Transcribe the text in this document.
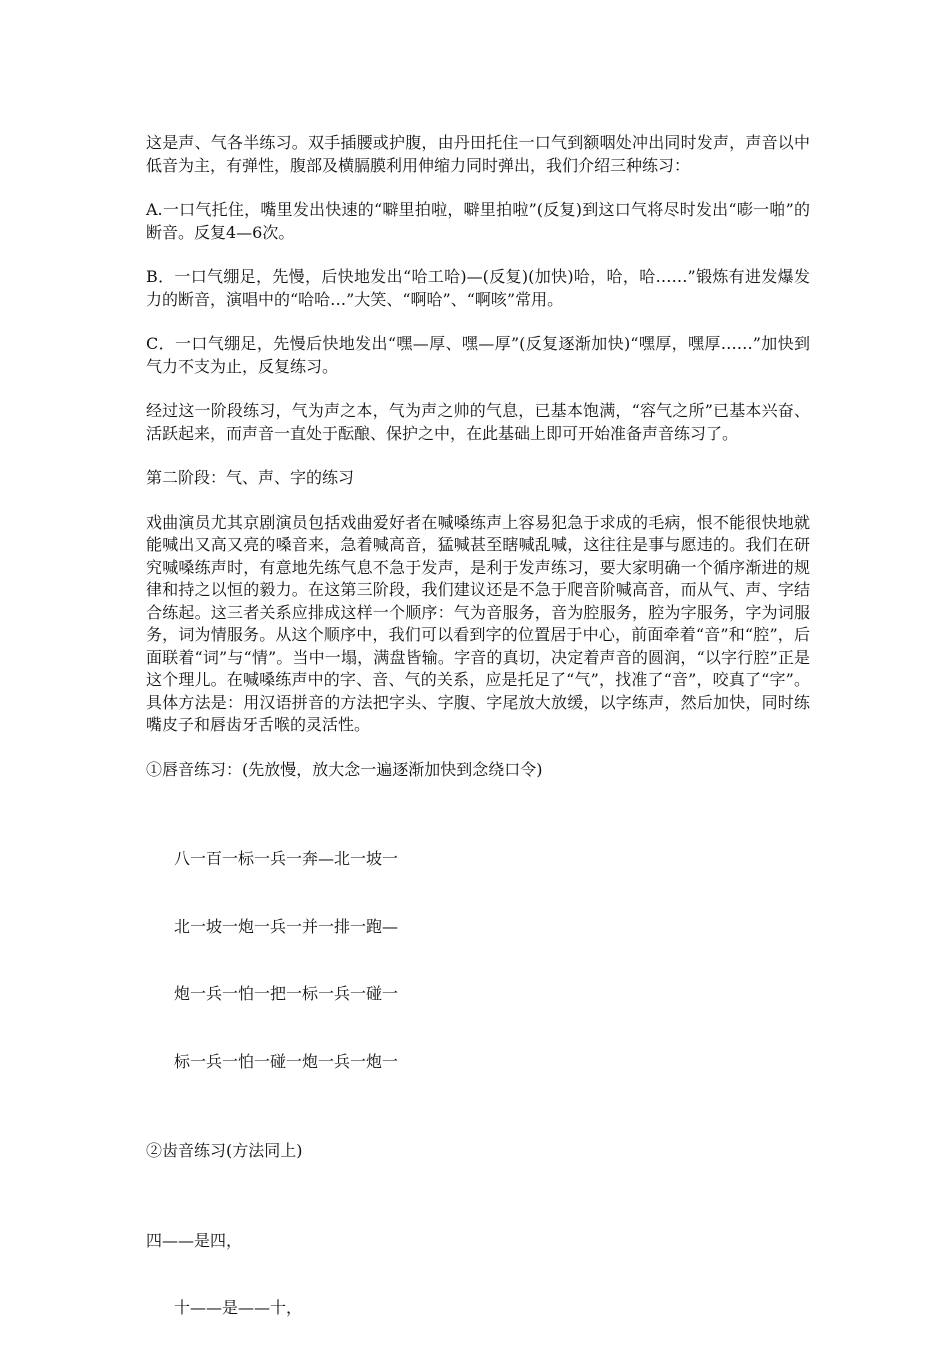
这是声、气各半练习。双手插腰或护腹，由丹田托住一口气到额咽处冲出同时发声，声音以中低音为主，有弹性，腹部及横膈膜利用伸缩力同时弹出，我们介绍三种练习：

A.一口气托住，嘴里发出快速的“噼里拍啦，噼里拍啦”(反复)到这口气将尽时发出“嘭一啪”的断音。反复4—6次。

B．一口气绷足，先慢，后快地发出“哈工哈)—(反复)(加快)哈，哈，哈……”锻炼有进发爆发力的断音，演唱中的“哈哈…”大笑、“啊哈”、“啊咳”常用。

C．一口气绷足，先慢后快地发出“嘿—厚、嘿—厚”(反复逐渐加快)“嘿厚，嘿厚……”加快到气力不支为止，反复练习。

经过这一阶段练习，气为声之本，气为声之帅的气息，已基本饱满，“容气之所”已基本兴奋、活跃起来，而声音一直处于酝酿、保护之中，在此基础上即可开始准备声音练习了。

第二阶段：气、声、字的练习

戏曲演员尤其京剧演员包括戏曲爱好者在喊嗓练声上容易犯急于求成的毛病，恨不能很快地就能喊出又高又亮的嗓音来，急着喊高音，猛喊甚至瞎喊乱喊，这往往是事与愿违的。我们在研究喊嗓练声时，有意地先练气息不急于发声，是利于发声练习，要大家明确一个循序渐进的规律和持之以恒的毅力。在这第三阶段，我们建议还是不急于爬音阶喊高音，而从气、声、字结合练起。这三者关系应排成这样一个顺序：气为音服务，音为腔服务，腔为字服务，字为词服务，词为情服务。从这个顺序中，我们可以看到字的位置居于中心，前面牵着“音”和“腔”，后面联着“词”与“情”。当中一塌，满盘皆输。字音的真切，决定着声音的圆润，“以字行腔”正是这个理儿。在喊嗓练声中的字、音、气的关系，应是托足了“气”，找准了“音”，咬真了“字”。具体方法是：用汉语拼音的方法把字头、字腹、字尾放大放缓，以字练声，然后加快，同时练嘴皮子和唇齿牙舌喉的灵活性。

①唇音练习：(先放慢，放大念一遍逐渐加快到念绕口令)

八一百一标一兵一奔—北一坡一

北一坡一炮一兵一并一排一跑—

炮一兵一怕一把一标一兵一碰一

标一兵一怕一碰一炮一兵一炮一

②齿音练习(方法同上)

四——是四，

十——是——十，
